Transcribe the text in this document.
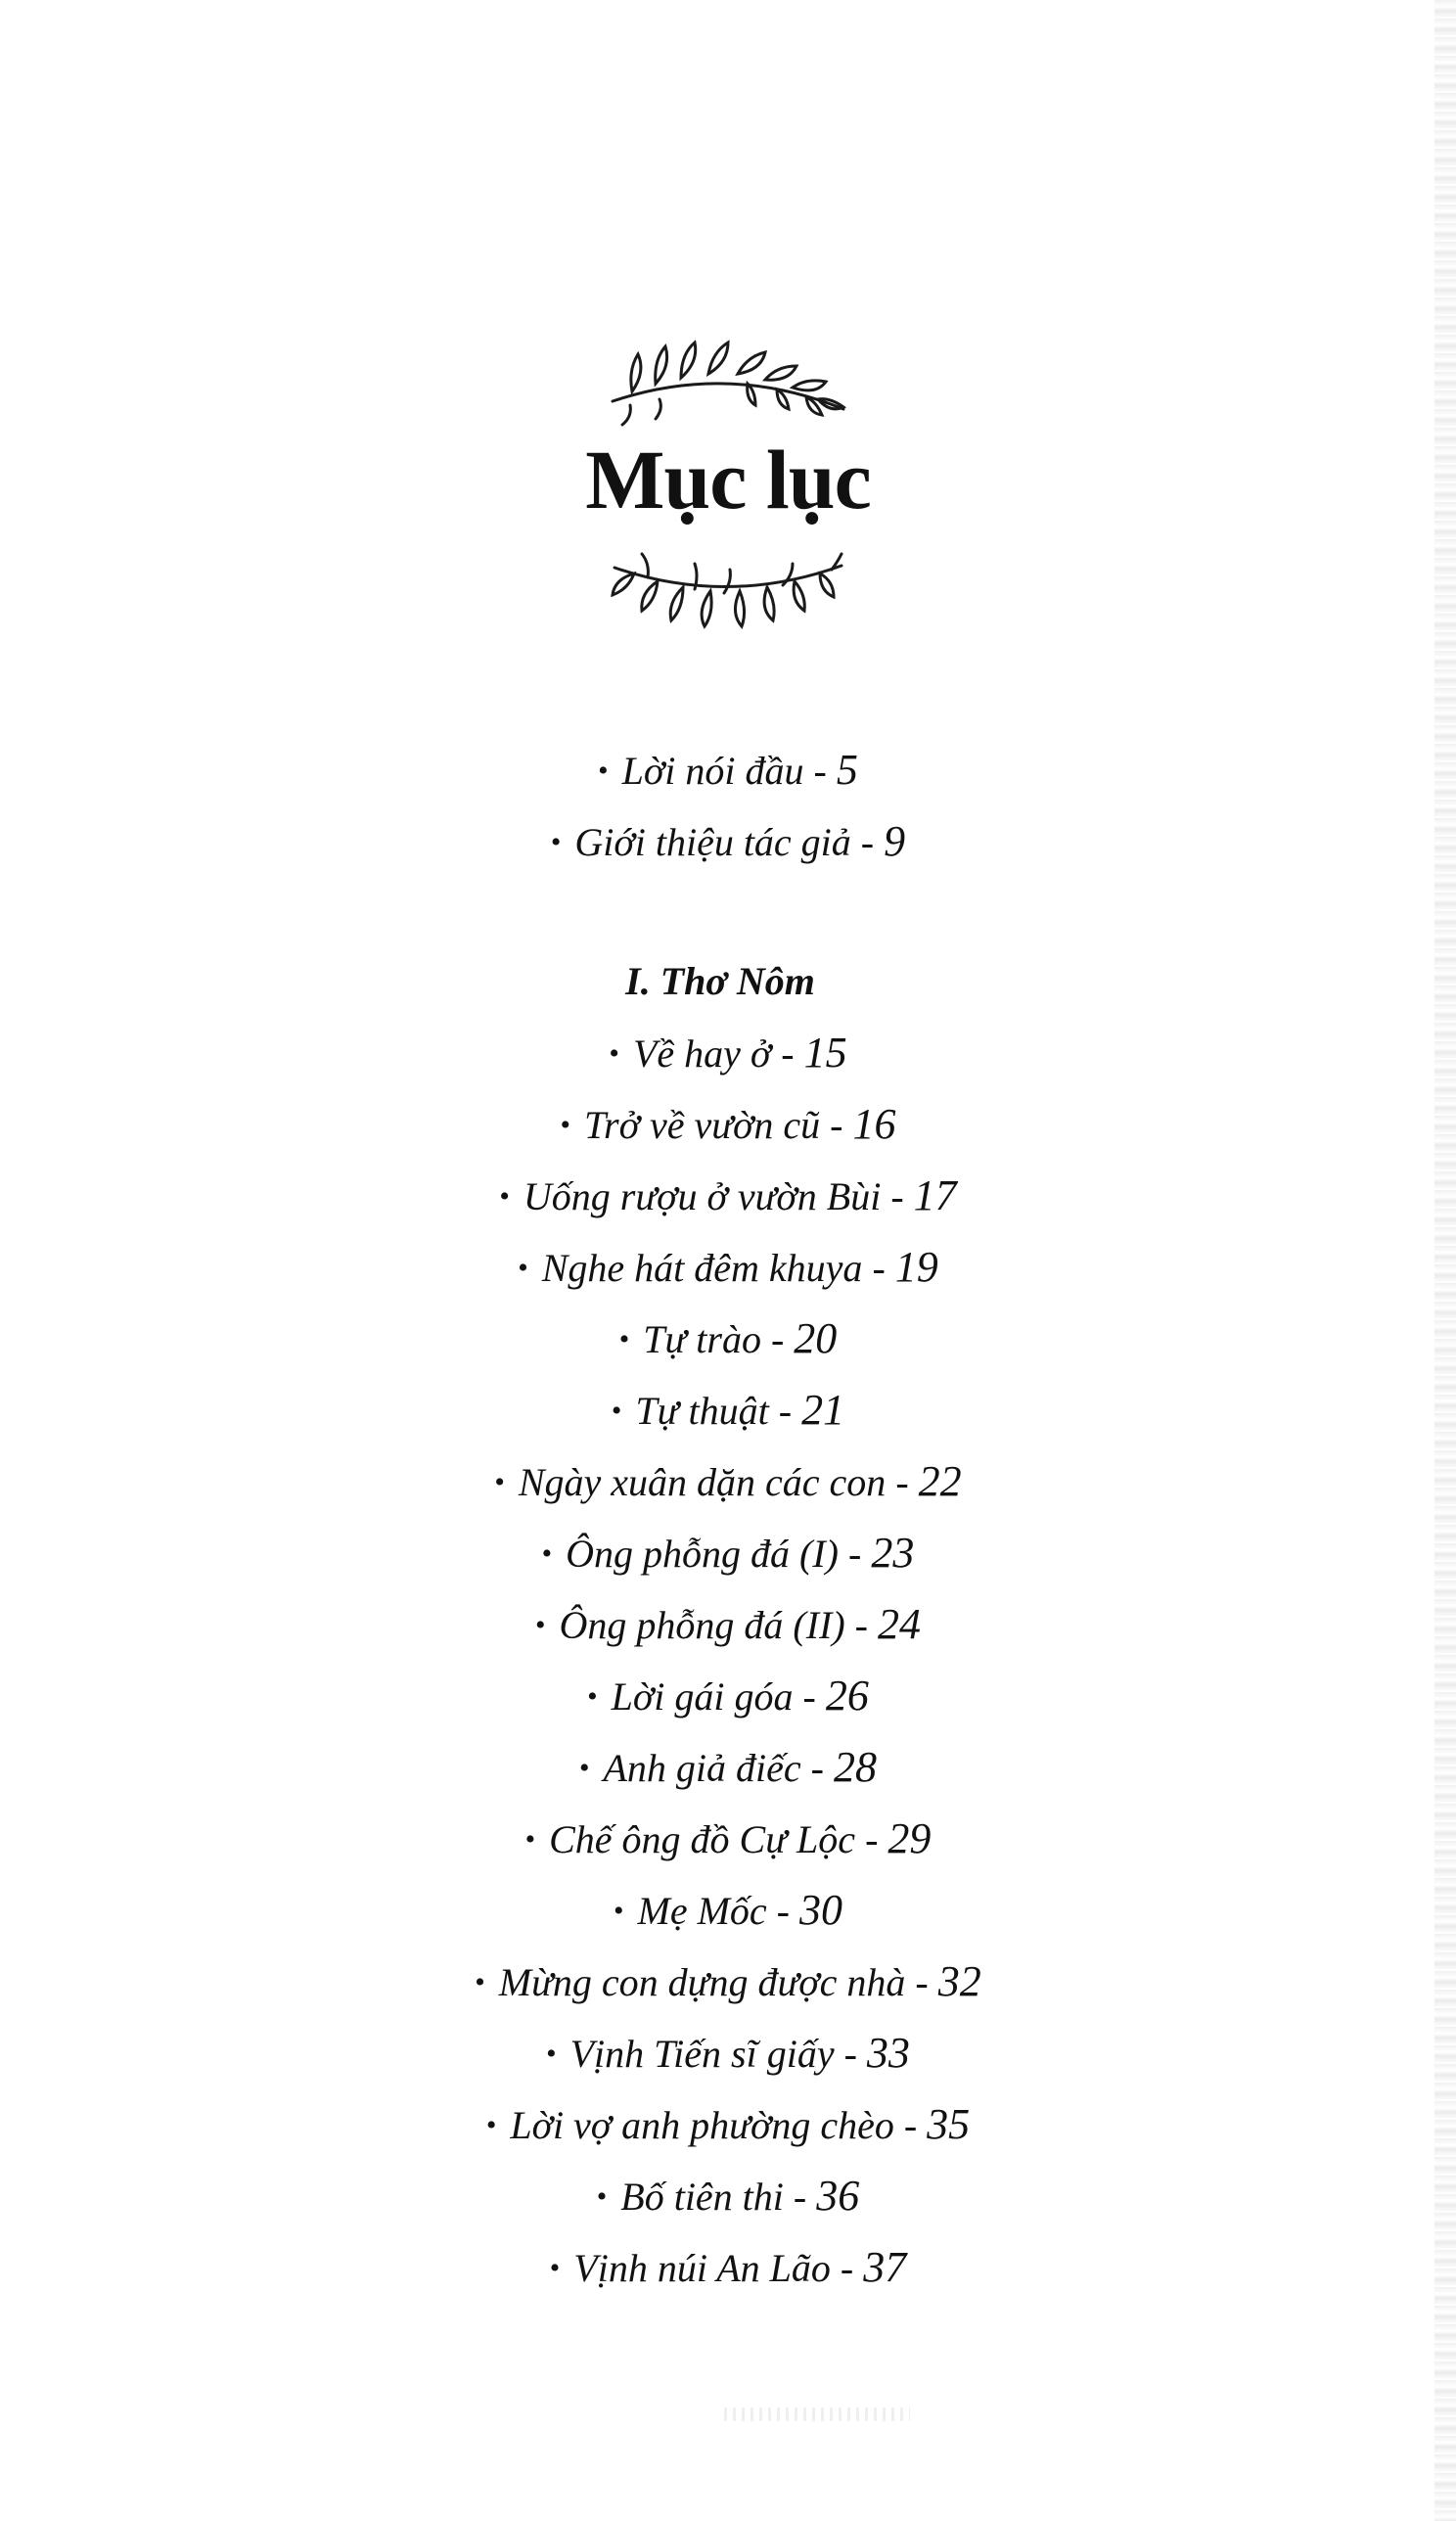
Mục lục
• Lời nói đầu - 5
• Giới thiệu tác giả - 9
I. Thơ Nôm
• Về hay ở - 15
• Trở về vườn cũ - 16
• Uống rượu ở vườn Bùi - 17
• Nghe hát đêm khuya - 19
• Tự trào - 20
• Tự thuật - 21
• Ngày xuân dặn các con - 22
• Ông phỗng đá (I) - 23
• Ông phỗng đá (II) - 24
• Lời gái góa - 26
• Anh giả điếc - 28
• Chế ông đồ Cự Lộc - 29
• Mẹ Mốc - 30
• Mừng con dựng được nhà - 32
• Vịnh Tiến sĩ giấy - 33
• Lời vợ anh phường chèo - 35
• Bố tiên thi - 36
• Vịnh núi An Lão - 37
